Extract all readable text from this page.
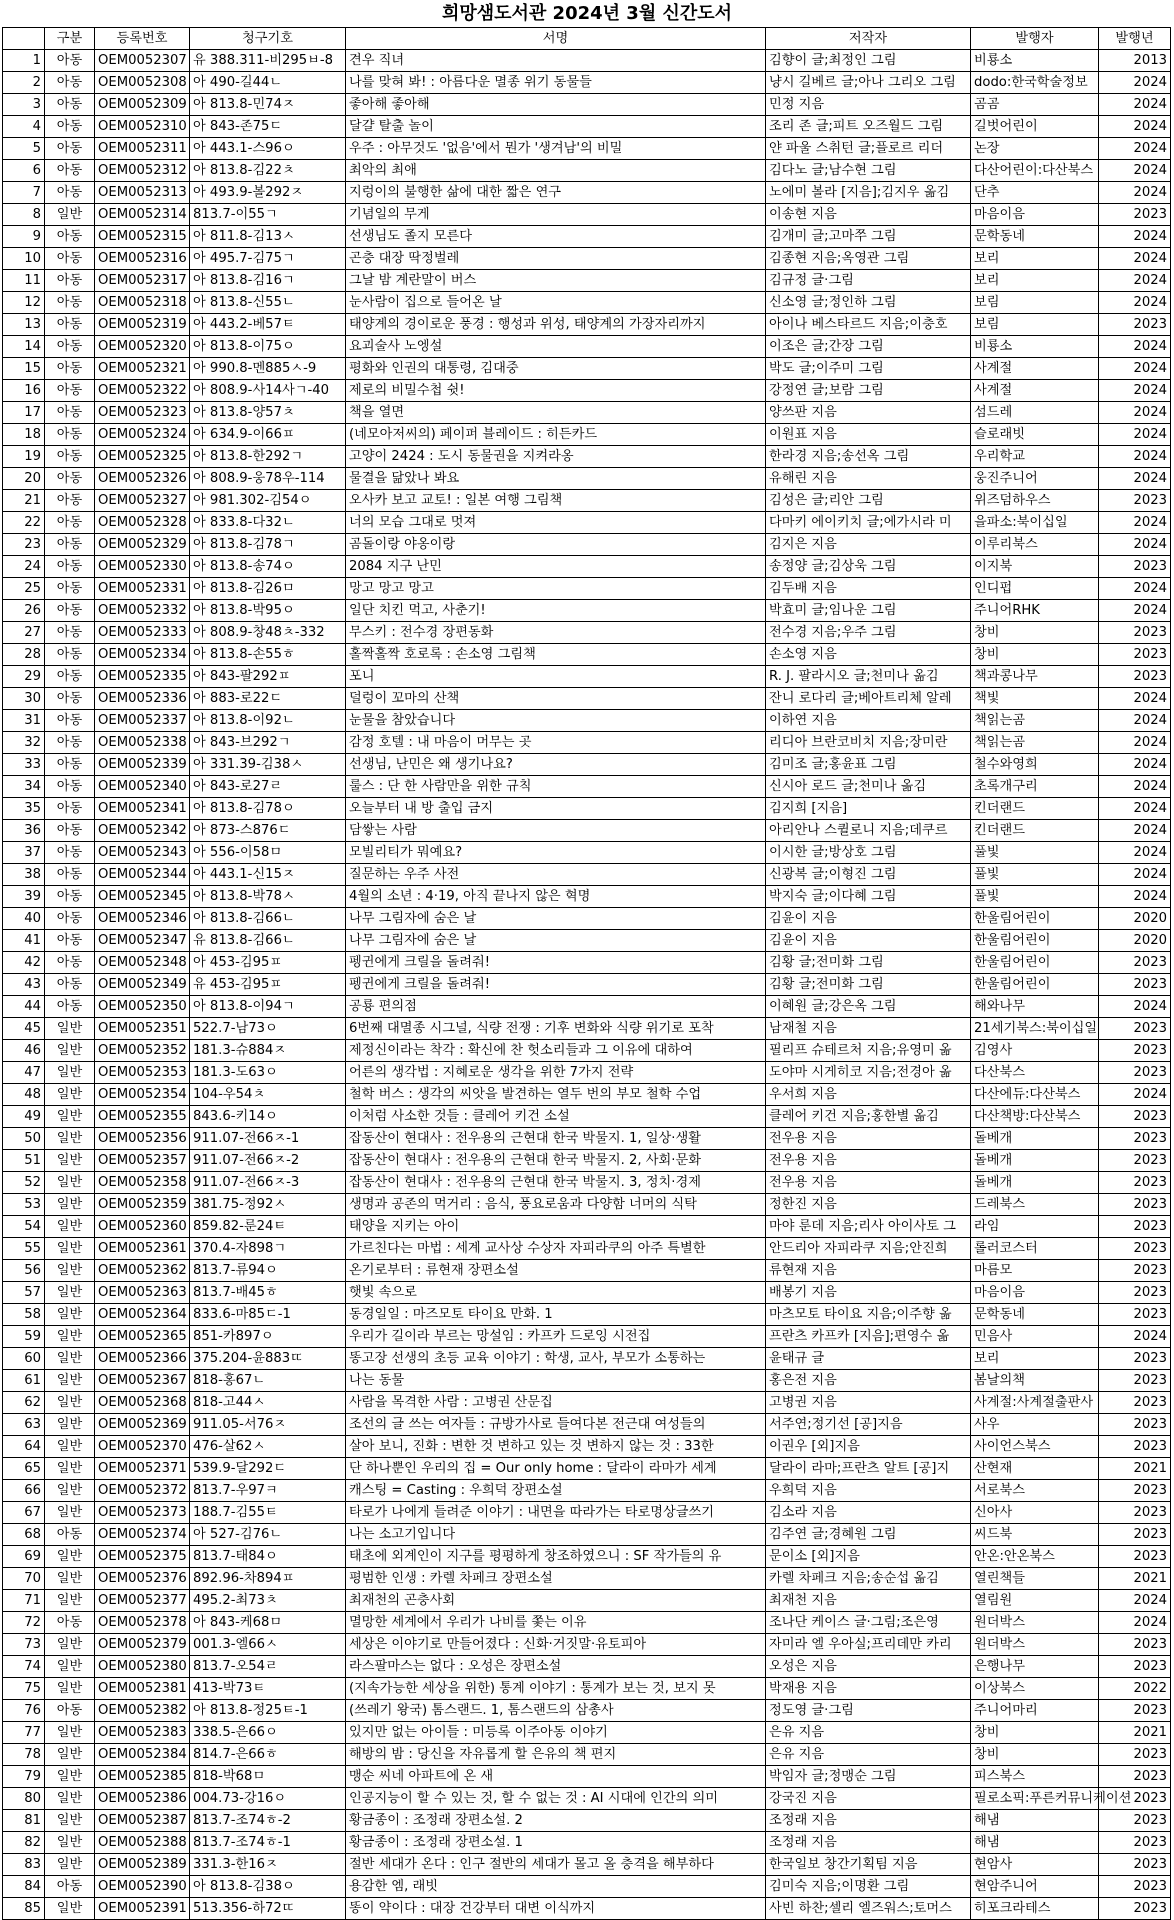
희망샘도서관 2024년 3월 신간도서
	구분	등록번호	청구기호	서명	저작자	발행자	발행년
1	아동	OEM0052307	유 388.311-비295ㅂ-8	견우 직녀	김향이 글;최정인 그림	비룡소	2013
2	아동	OEM0052308	아 490-길44ㄴ	나를 맞혀 봐! : 아름다운 멸종 위기 동물들	냥시 길베르 글;아나 그리오 그림	dodo:한국학술정보	2024
3	아동	OEM0052309	아 813.8-민74ㅈ	좋아해 좋아해	민정 지음	곰곰	2024
4	아동	OEM0052310	아 843-존75ㄷ	달걀 탈출 놀이	조리 존 글;피트 오즈월드 그림	길벗어린이	2024
5	아동	OEM0052311	아 443.1-스96ㅇ	우주 : 아무것도 '없음'에서 뭔가 '생겨남'의 비밀	얀 파울 스취턴 글;플로르 리더	논장	2024
6	아동	OEM0052312	아 813.8-김22ㅊ	최악의 최애	김다노 글;남수현 그림	다산어린이:다산북스	2024
7	아동	OEM0052313	아 493.9-볼292ㅈ	지렁이의 불행한 삶에 대한 짧은 연구	노에미 볼라 [지음];김지우 옮김	단추	2024
8	일반	OEM0052314	813.7-이55ㄱ	기념일의 무게	이송현 지음	마음이음	2023
9	아동	OEM0052315	아 811.8-김13ㅅ	선생님도 졸지 모른다	김개미 글;고마쭈 그림	문학동네	2024
10	아동	OEM0052316	아 495.7-김75ㄱ	곤충 대장 딱정벌레	김종현 지음;옥영관 그림	보리	2024
11	아동	OEM0052317	아 813.8-김16ㄱ	그날 밤 계란말이 버스	김규정 글·그림	보리	2024
12	아동	OEM0052318	아 813.8-신55ㄴ	눈사람이 집으로 들어온 날	신소영 글;정인하 그림	보림	2024
13	아동	OEM0052319	아 443.2-베57ㅌ	태양계의 경이로운 풍경 : 행성과 위성, 태양계의 가장자리까지	아이나 베스타르드 지음;이충호	보림	2023
14	아동	OEM0052320	아 813.8-이75ㅇ	요괴술사 노엥설	이조은 글;간장 그림	비룡소	2024
15	아동	OEM0052321	아 990.8-멘885ㅅ-9	평화와 인권의 대통령, 김대중	박도 글;이주미 그림	사계절	2024
16	아동	OEM0052322	아 808.9-사14사ㄱ-40	제로의 비밀수첩 쉿!	강정연 글;보람 그림	사계절	2024
17	아동	OEM0052323	아 813.8-양57ㅊ	책을 열면	양쓰판 지음	섬드레	2024
18	아동	OEM0052324	아 634.9-이66ㅍ	(네모아저씨의) 페이퍼 블레이드 : 히든카드	이원표 지음	슬로래빗	2024
19	아동	OEM0052325	아 813.8-한292ㄱ	고양이 2424 : 도시 동물권을 지켜라옹	한라경 지음;송선옥 그림	우리학교	2024
20	아동	OEM0052326	아 808.9-웅78우-114	물결을 닮았나 봐요	유해린 지음	웅진주니어	2024
21	아동	OEM0052327	아 981.302-김54ㅇ	오사카 보고 교토! : 일본 여행 그림책	김성은 글;리안 그림	위즈덤하우스	2023
22	아동	OEM0052328	아 833.8-다32ㄴ	너의 모습 그대로 멋져	다마키 에이키치 글;에가시라 미	을파소:북이십일	2024
23	아동	OEM0052329	아 813.8-김78ㄱ	곰돌이랑 야옹이랑	김지은 지음	이루리북스	2024
24	아동	OEM0052330	아 813.8-송74ㅇ	2084 지구 난민	송정양 글;김상욱 그림	이지북	2023
25	아동	OEM0052331	아 813.8-김26ㅁ	망고 망고 망고	김두배 지음	인디펍	2024
26	아동	OEM0052332	아 813.8-박95ㅇ	일단 치킨 먹고, 사춘기!	박효미 글;임나운 그림	주니어RHK	2024
27	아동	OEM0052333	아 808.9-창48ㅊ-332	무스키 : 전수경 장편동화	전수경 지음;우주 그림	창비	2023
28	아동	OEM0052334	아 813.8-손55ㅎ	홀짝홀짝 호로록 : 손소영 그림책	손소영 지음	창비	2023
29	아동	OEM0052335	아 843-팔292ㅍ	포니	R. J. 팔라시오 글;천미나 옮김	책과콩나무	2023
30	아동	OEM0052336	아 883-로22ㄷ	덜렁이 꼬마의 산책	잔니 로다리 글;베아트리체 알레	책빛	2024
31	아동	OEM0052337	아 813.8-이92ㄴ	눈물을 참았습니다	이하연 지음	책읽는곰	2024
32	아동	OEM0052338	아 843-브292ㄱ	감정 호텔 : 내 마음이 머무는 곳	리디아 브란코비치 지음;장미란	책읽는곰	2024
33	아동	OEM0052339	아 331.39-김38ㅅ	선생님, 난민은 왜 생기나요?	김미조 글;홍윤표 그림	철수와영희	2024
34	아동	OEM0052340	아 843-로27ㄹ	룰스 : 단 한 사람만을 위한 규칙	신시아 로드 글;천미나 옮김	초록개구리	2024
35	아동	OEM0052341	아 813.8-김78ㅇ	오늘부터 내 방 출입 금지	김지희 [지음]	킨더랜드	2024
36	아동	OEM0052342	아 873-스876ㄷ	담쌓는 사람	아리안나 스퀼로니 지음;데쿠르	킨더랜드	2024
37	아동	OEM0052343	아 556-이58ㅁ	모빌리티가 뭐예요?	이시한 글;방상호 그림	풀빛	2024
38	아동	OEM0052344	아 443.1-신15ㅈ	질문하는 우주 사전	신광복 글;이형진 그림	풀빛	2024
39	아동	OEM0052345	아 813.8-박78ㅅ	4월의 소년 : 4·19, 아직 끝나지 않은 혁명	박지숙 글;이다혜 그림	풀빛	2024
40	아동	OEM0052346	아 813.8-김66ㄴ	나무 그림자에 숨은 날	김윤이 지음	한울림어린이	2020
41	아동	OEM0052347	유 813.8-김66ㄴ	나무 그림자에 숨은 날	김윤이 지음	한울림어린이	2020
42	아동	OEM0052348	아 453-김95ㅍ	펭귄에게 크릴을 돌려줘!	김황 글;전미화 그림	한울림어린이	2023
43	아동	OEM0052349	유 453-김95ㅍ	펭귄에게 크릴을 돌려줘!	김황 글;전미화 그림	한울림어린이	2023
44	아동	OEM0052350	아 813.8-이94ㄱ	공룡 편의점	이혜원 글;강은옥 그림	해와나무	2024
45	일반	OEM0052351	522.7-남73ㅇ	6번째 대멸종 시그널, 식량 전쟁 : 기후 변화와 식량 위기로 포착	남재철 지음	21세기북스:북이십일	2023
46	일반	OEM0052352	181.3-슈884ㅈ	제정신이라는 착각 : 확신에 찬 헛소리들과 그 이유에 대하여	필리프 슈테르처 지음;유영미 옮	김영사	2023
47	일반	OEM0052353	181.3-도63ㅇ	어른의 생각법 : 지혜로운 생각을 위한 7가지 전략	도야마 시게히코 지음;전경아 옮	다산북스	2023
48	일반	OEM0052354	104-우54ㅊ	철학 버스 : 생각의 씨앗을 발견하는 열두 번의 부모 철학 수업	우서희 지음	다산에듀:다산북스	2024
49	일반	OEM0052355	843.6-키14ㅇ	이처럼 사소한 것들 : 클레어 키건 소설	클레어 키건 지음;홍한별 옮김	다산책방:다산북스	2023
50	일반	OEM0052356	911.07-전66ㅈ-1	잡동산이 현대사 : 전우용의 근현대 한국 박물지. 1, 일상·생활	전우용 지음	돌베개	2023
51	일반	OEM0052357	911.07-전66ㅈ-2	잡동산이 현대사 : 전우용의 근현대 한국 박물지. 2, 사회·문화	전우용 지음	돌베개	2023
52	일반	OEM0052358	911.07-전66ㅈ-3	잡동산이 현대사 : 전우용의 근현대 한국 박물지. 3, 정치·경제	전우용 지음	돌베개	2023
53	일반	OEM0052359	381.75-정92ㅅ	생명과 공존의 먹거리 : 음식, 풍요로움과 다양함 너머의 식탁	정한진 지음	드레북스	2023
54	일반	OEM0052360	859.82-룬24ㅌ	태양을 지키는 아이	마야 룬데 지음;리사 아이사토 그	라임	2023
55	일반	OEM0052361	370.4-자898ㄱ	가르친다는 마법 : 세계 교사상 수상자 자피라쿠의 아주 특별한	안드리아 자피라쿠 지음;안진희	롤러코스터	2023
56	일반	OEM0052362	813.7-류94ㅇ	온기로부터 : 류현재 장편소설	류현재 지음	마름모	2023
57	일반	OEM0052363	813.7-배45ㅎ	햇빛 속으로	배봉기 지음	마음이음	2023
58	일반	OEM0052364	833.6-마85ㄷ-1	동경일일 : 마즈모토 타이요 만화. 1	마츠모토 타이요 지음;이주향 옮	문학동네	2023
59	일반	OEM0052365	851-카897ㅇ	우리가 길이라 부르는 망설임 : 카프카 드로잉 시전집	프란츠 카프카 [지음];편영수 옮	민음사	2024
60	일반	OEM0052366	375.204-윤883ㄸ	똥고장 선생의 초등 교육 이야기 : 학생, 교사, 부모가 소통하는	윤태규 글	보리	2023
61	일반	OEM0052367	818-홍67ㄴ	나는 동물	홍은전 지음	봄날의책	2023
62	일반	OEM0052368	818-고44ㅅ	사람을 목격한 사람 : 고병권 산문집	고병권 지음	사계절:사계절출판사	2023
63	일반	OEM0052369	911.05-서76ㅈ	조선의 글 쓰는 여자들 : 규방가사로 들여다본 전근대 여성들의	서주연;정기선 [공]지음	사우	2023
64	일반	OEM0052370	476-살62ㅅ	살아 보니, 진화 : 변한 것 변하고 있는 것 변하지 않는 것 : 33한	이권우 [외]지음	사이언스북스	2023
65	일반	OEM0052371	539.9-달292ㄷ	단 하나뿐인 우리의 집 = Our only home : 달라이 라마가 세계	달라이 라마;프란츠 알트 [공]지	산현재	2021
66	일반	OEM0052372	813.7-우97ㅋ	캐스팅 = Casting : 우희덕 장편소설	우희덕 지음	서로북스	2023
67	일반	OEM0052373	188.7-김55ㅌ	타로가 나에게 들려준 이야기 : 내면을 따라가는 타로명상글쓰기	김소라 지음	신아사	2023
68	아동	OEM0052374	아 527-김76ㄴ	나는 소고기입니다	김주연 글;경혜원 그림	씨드북	2023
69	일반	OEM0052375	813.7-태84ㅇ	태초에 외계인이 지구를 평평하게 창조하였으니 : SF 작가들의 유	문이소 [외]지음	안온:안온북스	2023
70	일반	OEM0052376	892.96-차894ㅍ	평범한 인생 : 카렐 차페크 장편소설	카렐 차페크 지음;송순섭 옮김	열린책들	2021
71	일반	OEM0052377	495.2-최73ㅊ	최재천의 곤충사회	최재천 지음	열림원	2024
72	아동	OEM0052378	아 843-케68ㅁ	멸망한 세계에서 우리가 나비를 쫓는 이유	조나단 케이스 글·그림;조은영	원더박스	2024
73	일반	OEM0052379	001.3-엘66ㅅ	세상은 이야기로 만들어졌다 : 신화·거짓말·유토피아	자미라 엘 우아실;프리데만 카리	원더박스	2023
74	일반	OEM0052380	813.7-오54ㄹ	라스팔마스는 없다 : 오성은 장편소설	오성은 지음	은행나무	2023
75	일반	OEM0052381	413-박73ㅌ	(지속가능한 세상을 위한) 통계 이야기 : 통계가 보는 것, 보지 못	박재용 지음	이상북스	2022
76	아동	OEM0052382	아 813.8-정25ㅌ-1	(쓰레기 왕국) 톰스랜드. 1, 톰스랜드의 삼총사	정도영 글·그림	주니어마리	2023
77	일반	OEM0052383	338.5-은66ㅇ	있지만 없는 아이들 : 미등록 이주아동 이야기	은유 지음	창비	2021
78	일반	OEM0052384	814.7-은66ㅎ	해방의 밤 : 당신을 자유롭게 할 은유의 책 편지	은유 지음	창비	2023
79	일반	OEM0052385	818-박68ㅁ	맹순 씨네 아파트에 온 새	박임자 글;정맹순 그림	피스북스	2023
80	일반	OEM0052386	004.73-강16ㅇ	인공지능이 할 수 있는 것, 할 수 없는 것 : AI 시대에 인간의 의미	강국진 지음	필로소픽:푸른커뮤니케이션	2023
81	일반	OEM0052387	813.7-조74ㅎ-2	황금종이 : 조정래 장편소설. 2	조정래 지음	해냄	2023
82	일반	OEM0052388	813.7-조74ㅎ-1	황금종이 : 조정래 장편소설. 1	조정래 지음	해냄	2023
83	일반	OEM0052389	331.3-한16ㅈ	절반 세대가 온다 : 인구 절반의 세대가 몰고 올 충격을 해부하다	한국일보 창간기획팀 지음	현암사	2023
84	아동	OEM0052390	아 813.8-김38ㅇ	용감한 엠, 래빗	김미숙 지음;이명환 그림	현암주니어	2023
85	일반	OEM0052391	513.356-하72ㄸ	똥이 약이다 : 대장 건강부터 대변 이식까지	사빈 하찬;셀리 엘즈워스;토머스	히포크라테스	2023
